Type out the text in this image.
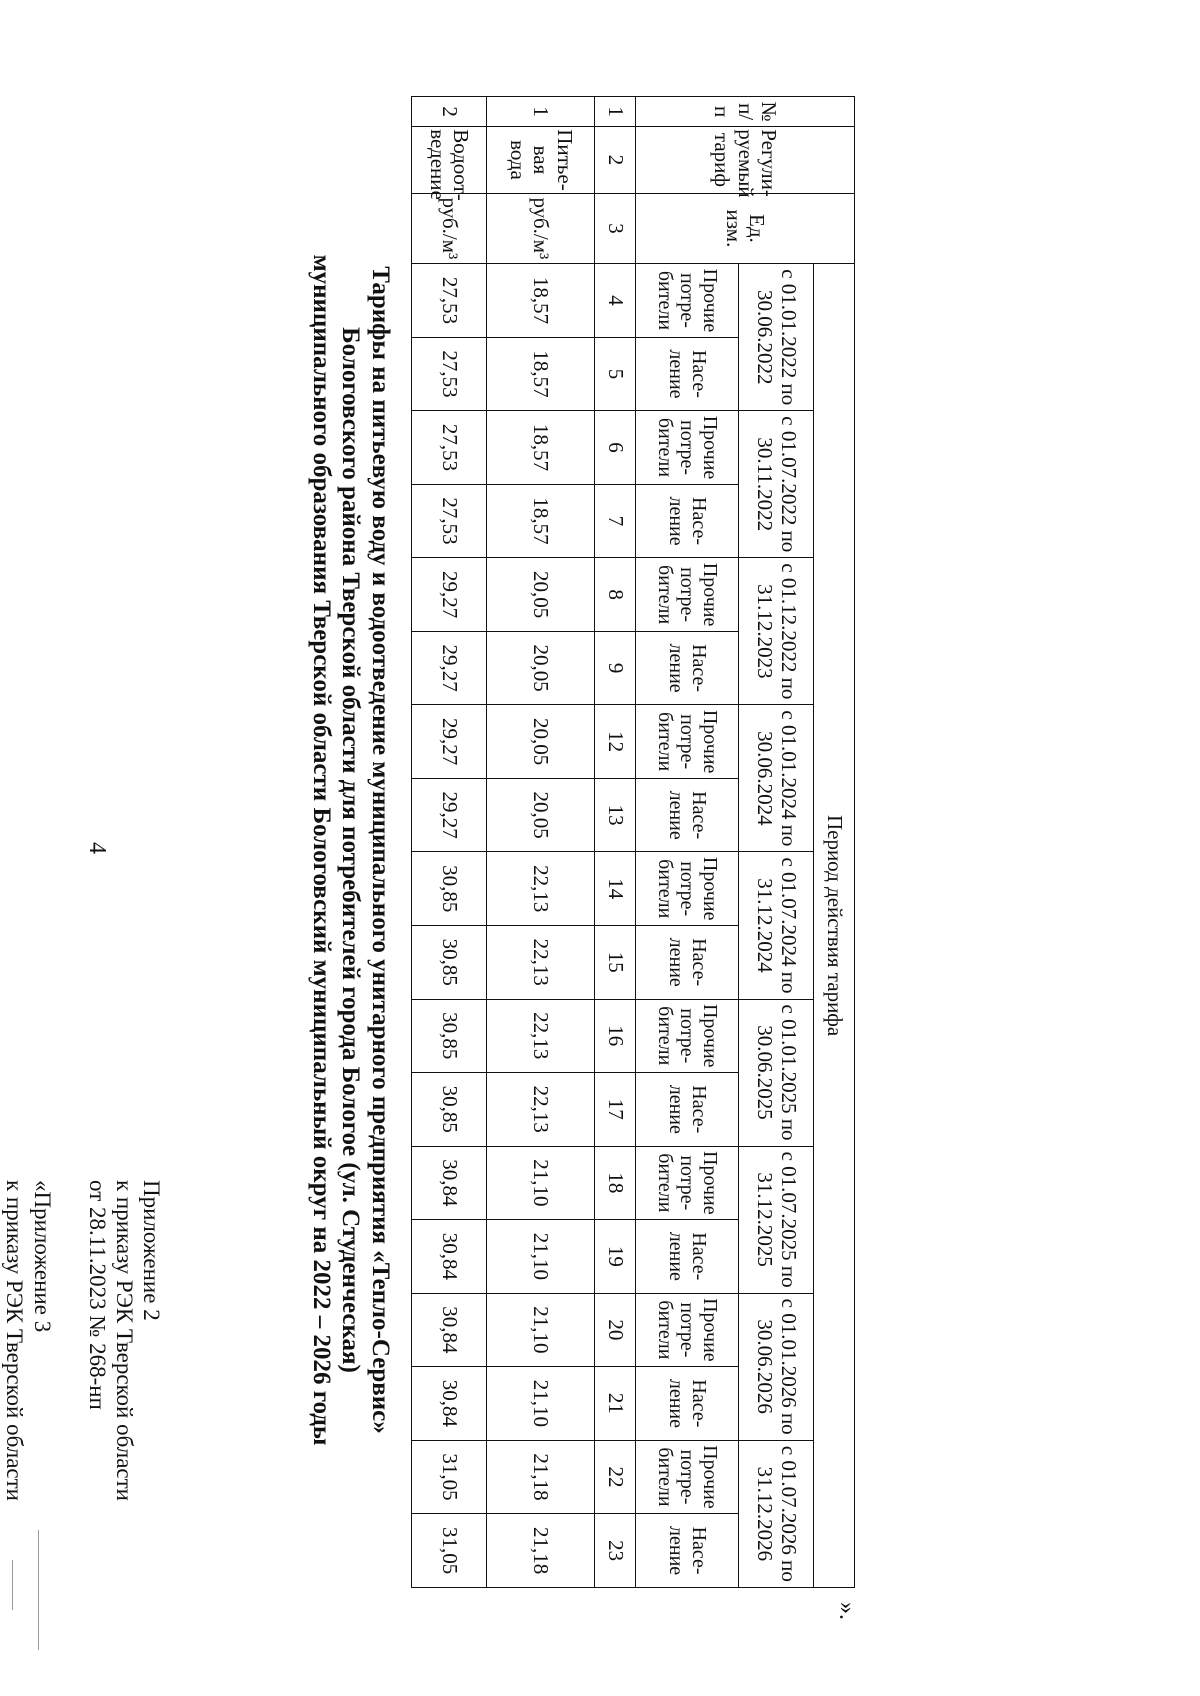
4
Приложение 2
к приказу РЭК Тверской области
от 28.11.2023 № 268-нп
«Приложение 3
к приказу РЭК Тверской области	Тарифы на питьевую воду и водоотведение муниципального унитарного предприятия «Тепло-Сервис»
Бологовского района Тверской области для потребителей города Бологое (ул. Студенческая)
муниципального образования Тверской области Бологовский муниципальный округ на 2022 – 2026 годы
№ п/п	Регули-руемый тариф	Ед. изм.	Период действия тарифа																	
			с 01.01.2022 по 30.06.2022		с 01.07.2022 по 30.11.2022		с 01.12.2022 по 31.12.2023		с 01.01.2024 по 30.06.2024		с 01.07.2024 по 31.12.2024		с 01.01.2025 по 30.06.2025		с 01.07.2025 по 31.12.2025		с 01.01.2026 по 30.06.2026		с 01.07.2026 по 31.12.2026	
			Прочие потре-бители	Насе-ление	Прочие потре-бители	Насе-ление	Прочие потре-бители	Насе-ление	Прочие потре-бители	Насе-ление	Прочие потре-бители	Насе-ление	Прочие потре-бители	Насе-ление	Прочие потре-бители	Насе-ление	Прочие потре-бители	Насе-ление	Прочие потре-бители	Насе-ление
1	2	3	4	5	6	7	8	9	12	13	14	15	16	17	18	19	20	21	22	23
1	Питье-вая вода	руб./м³	18,57	18,57	18,57	18,57	20,05	20,05	20,05	20,05	22,13	22,13	22,13	22,13	21,10	21,10	21,10	21,10	21,18	21,18
2	Водоот-ведение	руб./м³	27,53	27,53	27,53	27,53	29,27	29,27	29,27	29,27	30,85	30,85	30,85	30,85	30,84	30,84	30,84	30,84	31,05	31,05
».
